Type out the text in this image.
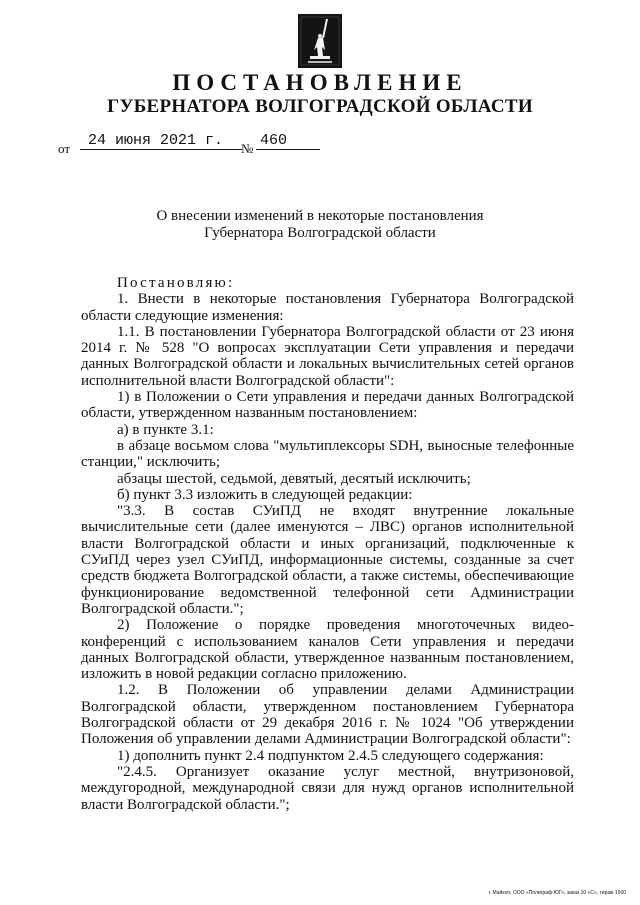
ПОСТАНОВЛЕНИЕ
ГУБЕРНАТОРА ВОЛГОГРАДСКОЙ ОБЛАСТИ
от	24 июня 2021 г.	№ 460
О внесении изменений в некоторые постановления
Губернатора Волгоградской области

Постановляю:

1. Внести в некоторые постановления Губернатора Волгоградской области следующие изменения:

1.1. В постановлении Губернатора Волгоградской области от 23 июня 2014 г. № 528 "О вопросах эксплуатации Сети управления и передачи данных Волгоградской области и локальных вычислительных сетей органов исполнительной власти Волгоградской области":

1) в Положении о Сети управления и передачи данных Волгоградской области, утвержденном названным постановлением:

а) в пункте 3.1:

в абзаце восьмом слова "мультиплексоры SDH, выносные телефонные станции," исключить;

абзацы шестой, седьмой, девятый, десятый исключить;

б) пункт 3.3 изложить в следующей редакции:

"3.3. В состав СУиПД не входят внутренние локальные вычислительные сети (далее именуются – ЛВС) органов исполнительной власти Волгоградской области и иных организаций, подключенные к СУиПД через узел СУиПД, информационные системы, созданные за счет средств бюджета Волгоградской области, а также системы, обеспечивающие функционирование ведомственной телефонной сети Администрации Волгоградской области.";

2) Положение о порядке проведения многоточечных видео-конференций с использованием каналов Сети управления и передачи данных Волгоградской области, утвержденное названным постановлением, изложить в новой редакции согласно приложению.

1.2. В Положении об управлении делами Администрации Волгоградской области, утвержденном постановлением Губернатора Волгоградской области от 29 декабря 2016 г. № 1024 "Об утверждении Положения об управлении делами Администрации Волгоградской области":

1) дополнить пункт 2.4 подпунктом 2.4.5 следующего содержания:

"2.4.5. Организует оказание услуг местной, внутризоновой, междугородной, международной связи для нужд органов исполнительной власти Волгоградской области.";

г. Майкоп, ООО «Полиграф-ЮГ», заказ 10 «С», тираж 1500
